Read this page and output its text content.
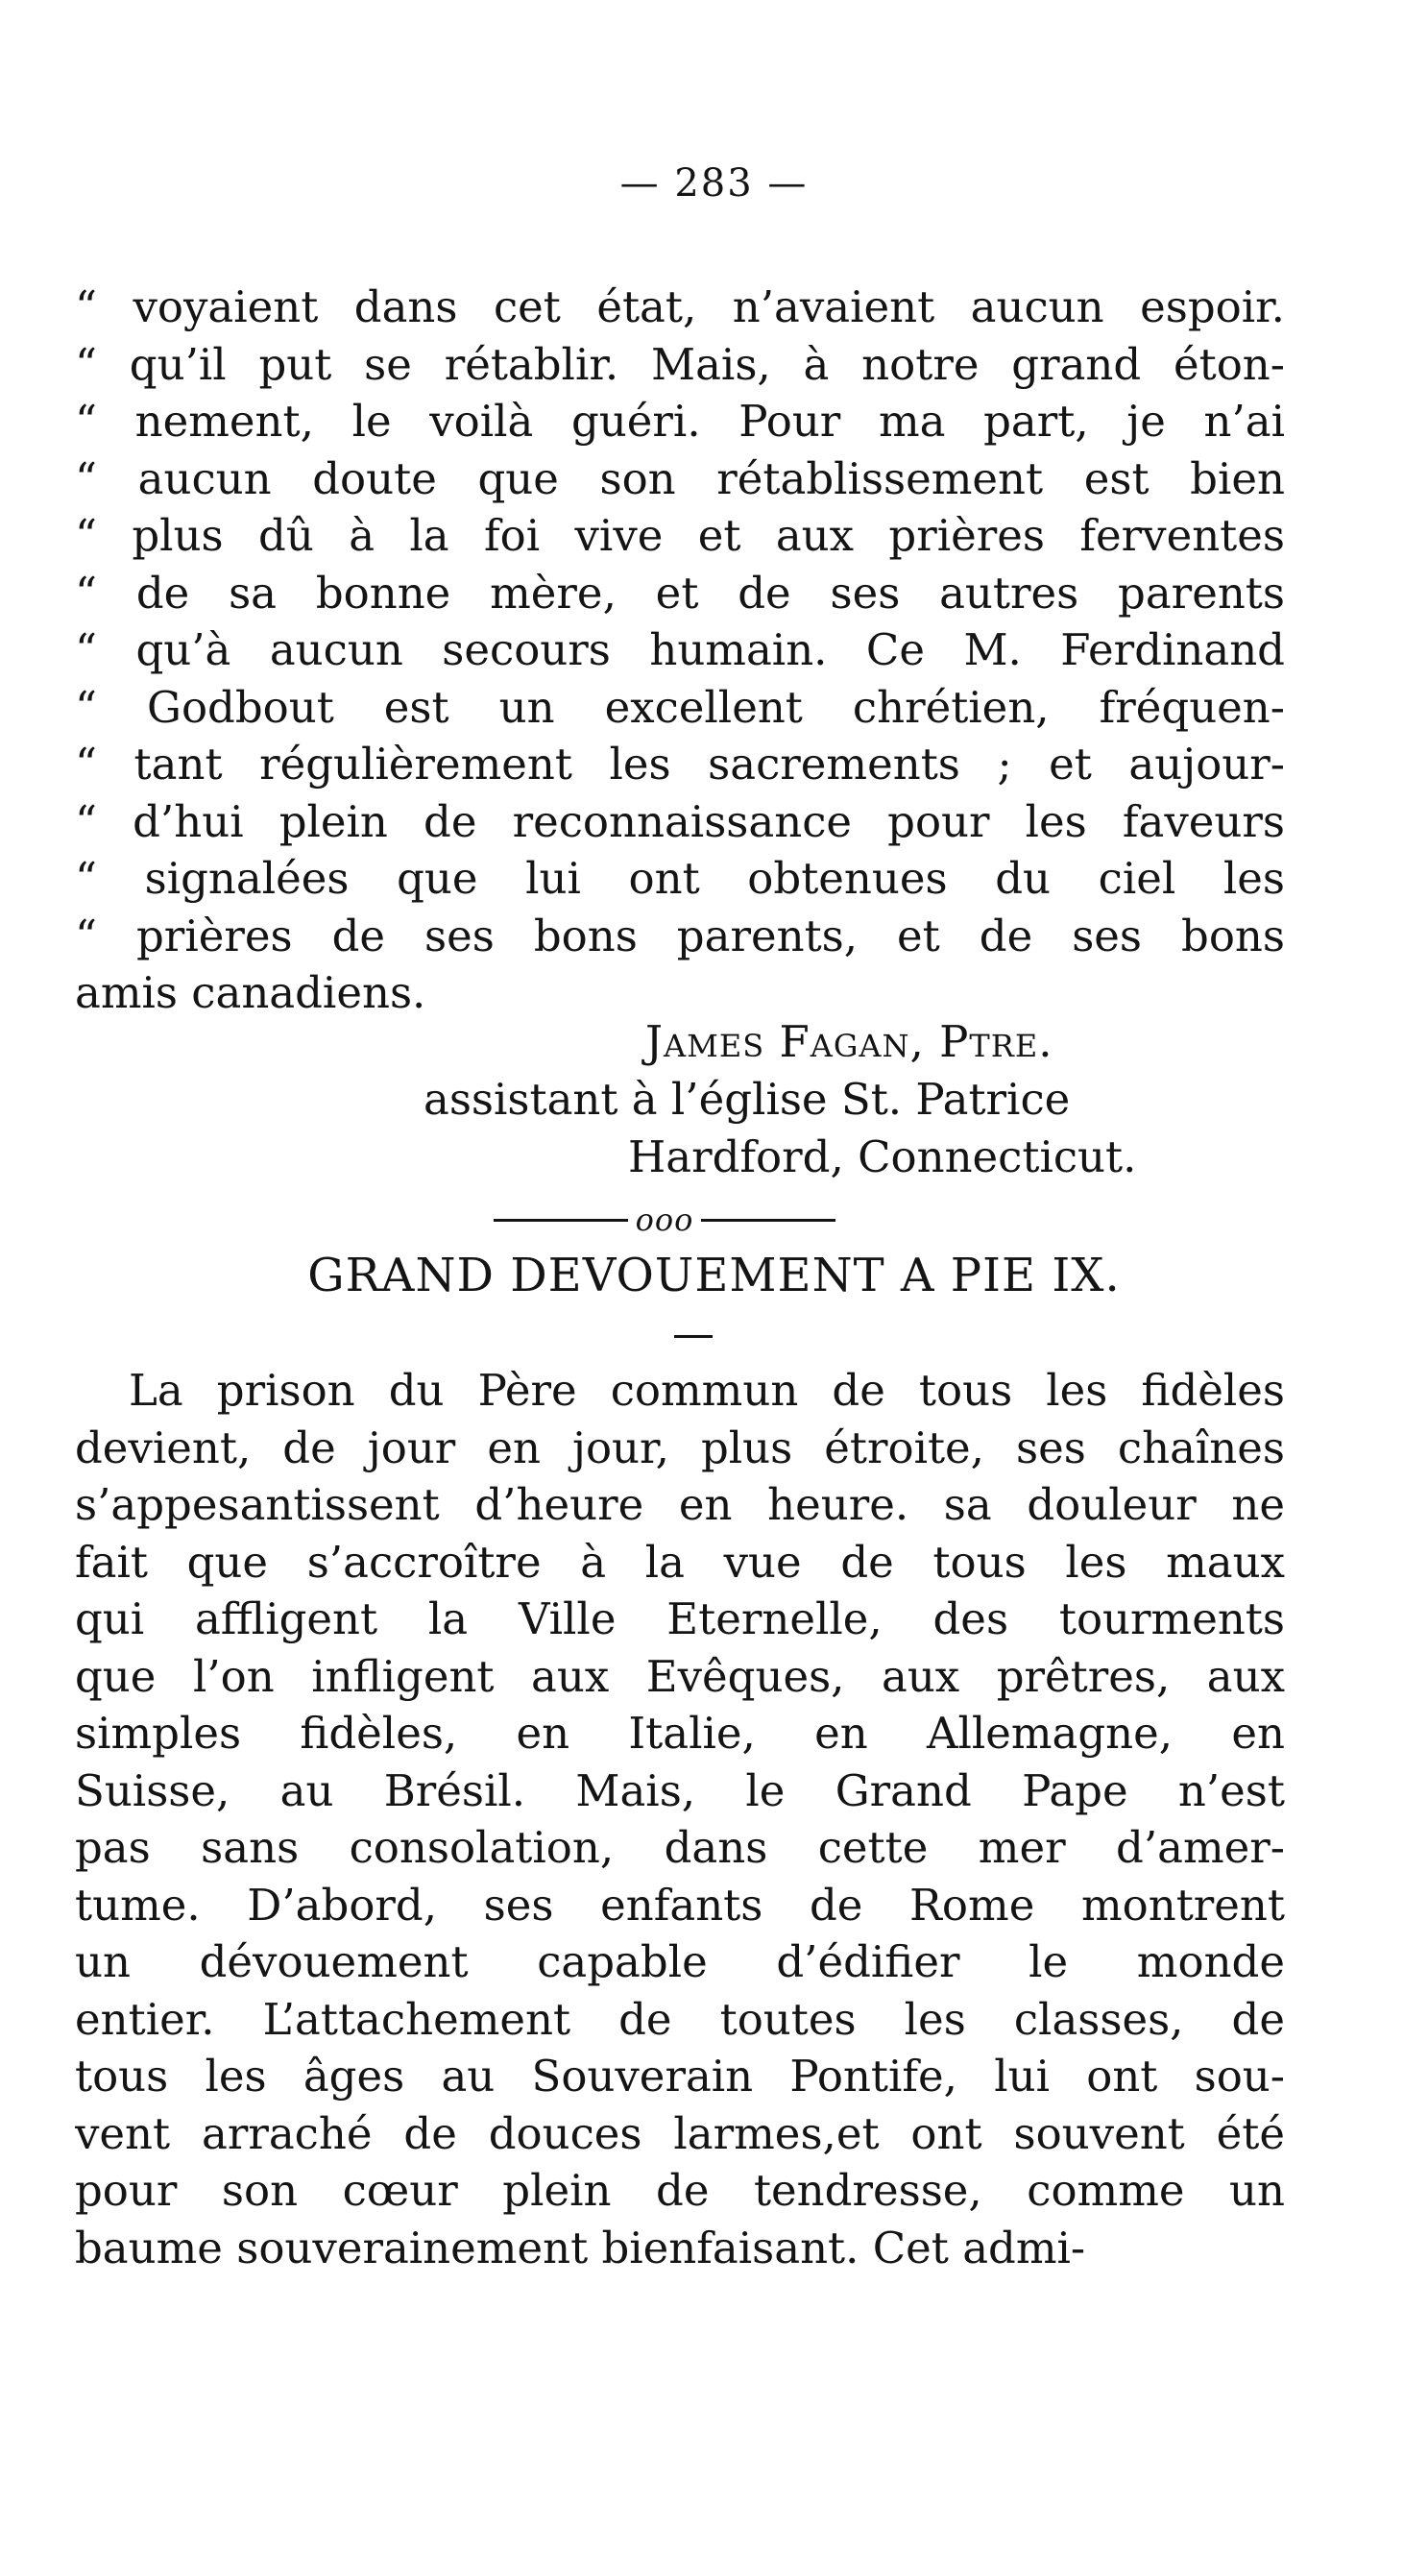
— 283 —
“ voyaient dans cet état, n’avaient aucun espoir.
“ qu’il put se rétablir. Mais, à notre grand éton-
“ nement, le voilà guéri. Pour ma part, je n’ai
“ aucun doute que son rétablissement est bien
“ plus dû à la foi vive et aux prières ferventes
“ de sa bonne mère, et de ses autres parents
“ qu’à aucun secours humain. Ce M. Ferdinand
“ Godbout est un excellent chrétien, fréquen-
“ tant régulièrement les sacrements ; et aujour-
“ d’hui plein de reconnaissance pour les faveurs
“ signalées que lui ont obtenues du ciel les
“ prières de ses bons parents, et de ses bons
amis canadiens.
James Fagan, Ptre.
assistant à l’église St. Patrice
Hardford, Connecticut.
ooo
GRAND DEVOUEMENT A PIE IX.
La prison du Père commun de tous les fidèles
devient, de jour en jour, plus étroite, ses chaînes
s’appesantissent d’heure en heure. sa douleur ne
fait que s’accroître à la vue de tous les maux
qui affligent la Ville Eternelle, des tourments
que l’on infligent aux Evêques, aux prêtres, aux
simples fidèles, en Italie, en Allemagne, en
Suisse, au Brésil. Mais, le Grand Pape n’est
pas sans consolation, dans cette mer d’amer-
tume. D’abord, ses enfants de Rome montrent
un dévouement capable d’édifier le monde
entier. L’attachement de toutes les classes, de
tous les âges au Souverain Pontife, lui ont sou-
vent arraché de douces larmes,et ont souvent été
pour son cœur plein de tendresse, comme un
baume souverainement bienfaisant. Cet admi-
